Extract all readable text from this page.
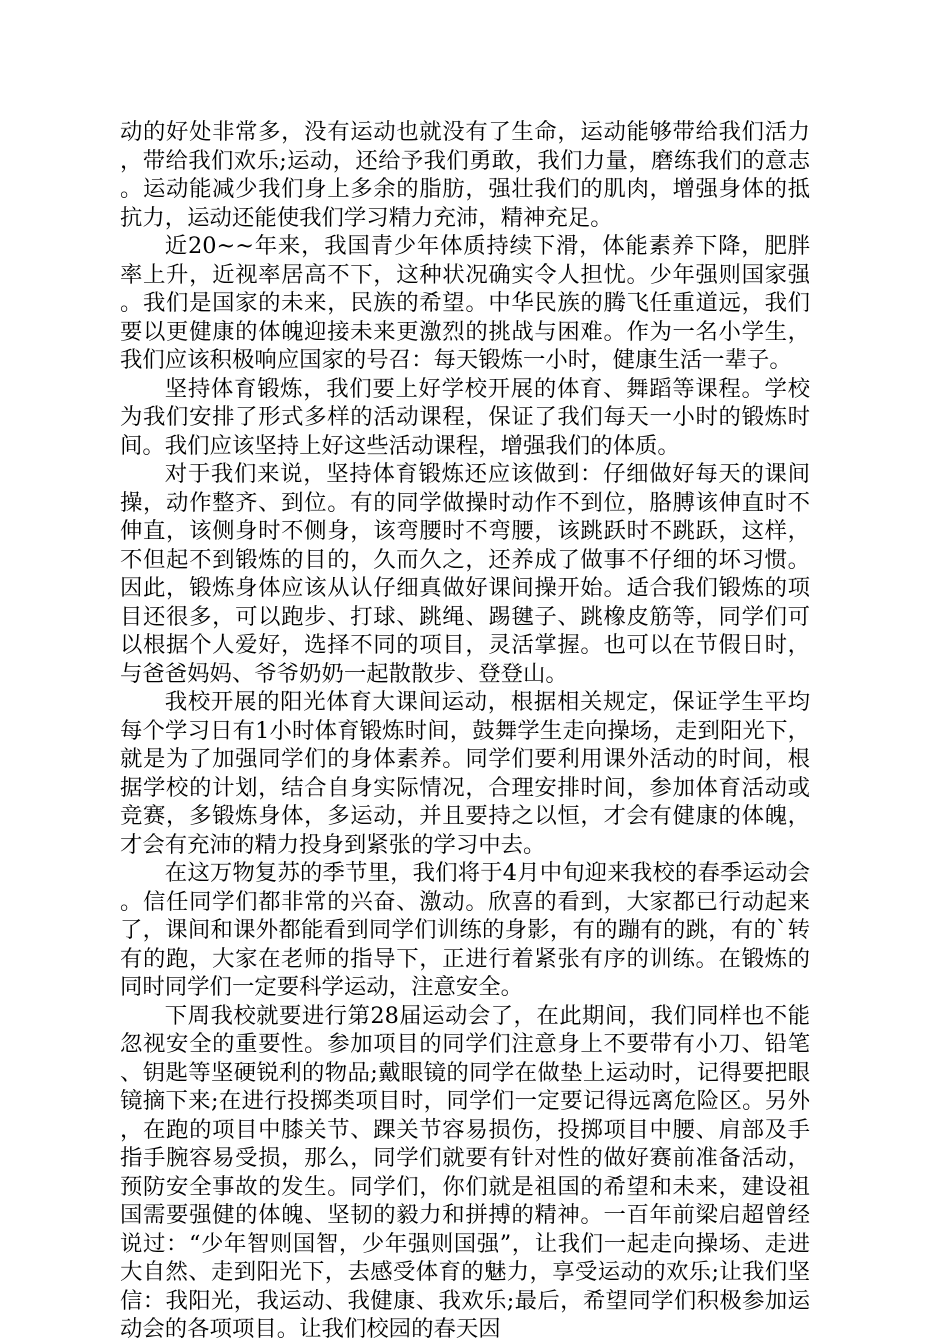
动的好处非常多，没有运动也就没有了生命，运动能够带给我们活力，带给我们欢乐;运动，还给予我们勇敢，我们力量，磨练我们的意志。运动能减少我们身上多余的脂肪，强壮我们的肌肉，增强身体的抵抗力，运动还能使我们学习精力充沛，精神充足。

近20~~年来，我国青少年体质持续下滑，体能素养下降，肥胖率上升，近视率居高不下，这种状况确实令人担忧。少年强则国家强。我们是国家的未来，民族的希望。中华民族的腾飞任重道远，我们要以更健康的体魄迎接未来更激烈的挑战与困难。作为一名小学生，我们应该积极响应国家的号召：每天锻炼一小时，健康生活一辈子。

坚持体育锻炼，我们要上好学校开展的体育、舞蹈等课程。学校为我们安排了形式多样的活动课程，保证了我们每天一小时的锻炼时间。我们应该坚持上好这些活动课程，增强我们的体质。

对于我们来说，坚持体育锻炼还应该做到：仔细做好每天的课间操，动作整齐、到位。有的同学做操时动作不到位，胳膊该伸直时不伸直，该侧身时不侧身，该弯腰时不弯腰，该跳跃时不跳跃，这样，不但起不到锻炼的目的，久而久之，还养成了做事不仔细的坏习惯。因此，锻炼身体应该从认仔细真做好课间操开始。适合我们锻炼的项目还很多，可以跑步、打球、跳绳、踢毽子、跳橡皮筋等，同学们可以根据个人爱好，选择不同的项目，灵活掌握。也可以在节假日时，与爸爸妈妈、爷爷奶奶一起散散步、登登山。

我校开展的阳光体育大课间运动，根据相关规定，保证学生平均每个学习日有1小时体育锻炼时间，鼓舞学生走向操场，走到阳光下，就是为了加强同学们的身体素养。同学们要利用课外活动的时间，根据学校的计划，结合自身实际情况，合理安排时间，参加体育活动或竞赛，多锻炼身体，多运动，并且要持之以恒，才会有健康的体魄，才会有充沛的精力投身到紧张的学习中去。

在这万物复苏的季节里，我们将于4月中旬迎来我校的春季运动会。信任同学们都非常的兴奋、激动。欣喜的看到，大家都已行动起来了，课间和课外都能看到同学们训练的身影，有的蹦有的跳，有的`转有的跑，大家在老师的指导下，正进行着紧张有序的训练。在锻炼的同时同学们一定要科学运动，注意安全。

下周我校就要进行第28届运动会了，在此期间，我们同样也不能忽视安全的重要性。参加项目的同学们注意身上不要带有小刀、铅笔、钥匙等坚硬锐利的物品;戴眼镜的同学在做垫上运动时，记得要把眼镜摘下来;在进行投掷类项目时，同学们一定要记得远离危险区。另外，在跑的项目中膝关节、踝关节容易损伤，投掷项目中腰、肩部及手指手腕容易受损，那么，同学们就要有针对性的做好赛前准备活动，预防安全事故的发生。同学们，你们就是祖国的希望和未来，建设祖国需要强健的体魄、坚韧的毅力和拼搏的精神。一百年前梁启超曾经说过：“少年智则国智，少年强则国强”，让我们一起走向操场、走进大自然、走到阳光下，去感受体育的魅力，享受运动的欢乐;让我们坚信：我阳光，我运动、我健康、我欢乐;最后，希望同学们积极参加运动会的各项项目。让我们校园的春天因
